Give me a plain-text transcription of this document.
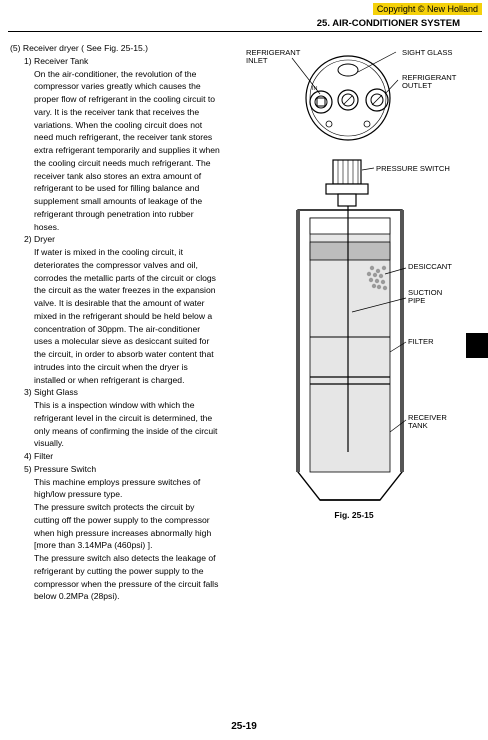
Copyright © New Holland
25. AIR-CONDITIONER SYSTEM

(5) Receiver dryer ( See Fig. 25-15.)

1) Receiver Tank

On the air-conditioner, the revolution of the

compressor varies greatly which causes the

proper flow of refrigerant in the cooling circuit to

vary. It is the receiver tank that receives the

variations. When the cooling circuit does not

need much refrigerant, the receiver tank stores

extra refrigerant temporarily and supplies it when

the cooling circuit needs much refrigerant. The

receiver tank also stores an extra amount of

refrigerant to be used for filling balance and

supplement small amounts of leakage of the

refrigerant through penetration into rubber

hoses.

2) Dryer

If water is mixed in the cooling circuit, it

deteriorates the compressor valves and oil,

corrodes the metallic parts of the circuit or clogs

the circuit as the water freezes in the expansion

valve. It is desirable that the amount of water

mixed in the refrigerant should be held below a

concentration of 30ppm. The air-conditioner

uses a molecular sieve as desiccant suited for

the circuit, in order to absorb water content that

intrudes into the circuit when the dryer is

installed or when refrigerant is charged.

3) Sight Glass

This is a inspection window with which the

refrigerant level in the circuit is determined, the

only means of confirming the inside of the circuit

visually.

4) Filter

5) Pressure Switch

This machine employs pressure switches of

high/low pressure type.

The pressure switch protects the circuit by

cutting off the power supply to the compressor

when high pressure increases abnormally high

[more than 3.14MPa (460psi) ].

The pressure switch also detects the leakage of

refrigerant by cutting the power supply to the

compressor when the pressure of the circuit falls

below 0.2MPa (28psi).

IN
REFRIGERANT
INLET
SIGHT GLASS
REFRIGERANT
OUTLET
PRESSURE SWITCH
DESICCANT
SUCTION
PIPE
FILTER
RECEIVER
TANK
Fig. 25-15
25-19
